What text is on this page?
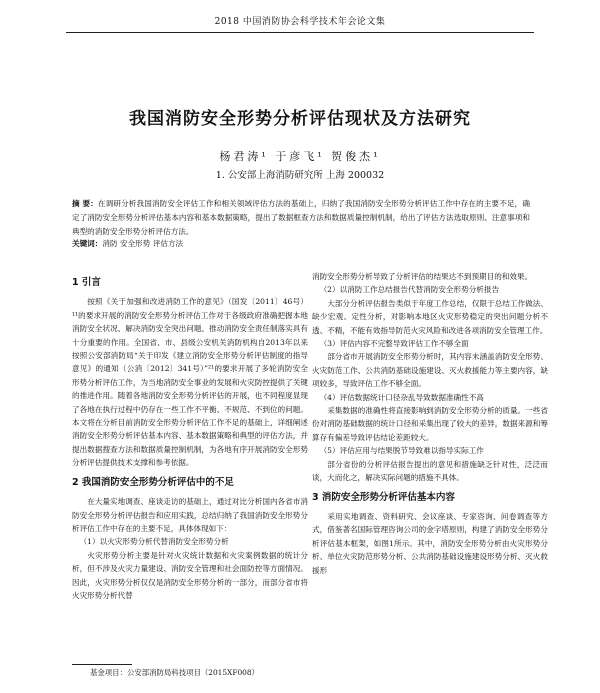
2018 中国消防协会科学技术年会论文集
我国消防安全形势分析评估现状及方法研究
杨君涛¹ 于彦飞¹ 贺俊杰¹
1. 公安部上海消防研究所 上海 200032
摘 要：在调研分析我国消防安全评估工作和相关领域评估方法的基础上，归纳了我国消防安全形势分析评估工作中存在的主要不足，确定了消防安全形势分析评估基本内容和基本数据策略，提出了数据框查方法和数据质量控制机制，给出了评估方法选取原则、注意事项和典型的消防安全形势分析评估方法。
关键词：消防 安全形势 评估方法
1 引言

按照《关于加强和改进消防工作的意见》（国发〔2011〕46号）¹¹的要求开展的消防安全形势分析评估工作对于各级政府准确把握本地消防安全状况、解决消防安全突出问题、推动消防安全责任制落实具有十分重要的作用。全国省、市、县级公安机关消防机构自2013年以来按照公安部消防局“关于印发《建立消防安全形势分析评估制度的指导意见》的通知（公消〔2012〕341号）”²¹的要求开展了多轮消防安全形势分析评估工作，为当地消防安全事业的发展和火灾防控提供了关键的推进作用。随着各地消防安全形势分析评估的开展，也不同程度显现了各地在执行过程中仍存在一些工作不平衡、不规范、不到位的问题。本文将在分析目前消防安全形势分析评估工作不足的基础上，详细阐述消防安全形势分析评估基本内容、基本数据策略和典型的评估方法，并提出数据搜查方法和数据质量控制机制，为各地有序开展消防安全形势分析评估提供技术支撑和参考依据。

2 我国消防安全形势分析评估中的不足

在大量实地调查、座谈走访的基础上，通过对比分析国内各省市消防安全形势分析评估报告和应用实践，总结归纳了我国消防安全形势分析评估工作中存在的主要不足，具体体现如下：

（1）以火灾形势分析代替消防安全形势分析

火灾形势分析主要是针对火灾统计数据和火灾案例数据的统计分析，但不涉及火灾力量建设、消防安全管理和社会面防控等方面情况。因此，火灾形势分析仅仅是消防安全形势分析的一部分，而部分省市将火灾形势分析代替

消防安全形势分析导致了分析评估的结果达不到预期目的和效果。

（2）以消防工作总结报告代替消防安全形势分析报告

大部分分析评估报告类似于年度工作总结，仅限于总结工作做法、缺少宏观、定性分析，对影响本地区火灾形势稳定的突出问题分析不透、不精，不能有效指导防范火灾风险和改进各项消防安全管理工作。

（3）评估内容不完整导致评估工作不够全面

部分省市开展消防安全形势分析时，其内容未涵盖消防安全形势、火灾防范工作、公共消防基础设施建设、灭火救援能力等主要内容，缺项较多，导致评估工作不够全面。

（4）评估数据统计口径杂乱导致数据准确性不高

采集数据的准确性将直接影响到消防安全形势分析的质量。一些省份对消防基础数据的统计口径和采集出现了较大的差异，数据来源和筹算存有偏差导致评估结论差距较大。

（5）评估应用与结果脱节导致难以指导实际工作

部分省份的分析评估报告提出的意见和措施缺乏针对性，泛泛而谈，大而化之，解决实际问题的措施不具体。

3 消防安全形势分析评估基本内容

采用实地调查、资料研究、会议座谈、专家咨询、问卷调查等方式，借鉴著名国际管理咨询公司的金字塔原则，构建了消防安全形势分析评估基本框架，如图1所示。其中，消防安全形势分析由火灾形势分析、单位火灾防范形势分析、公共消防基础设施建设形势分析、灭火救援形

基金项目：公安部消防局科技项目（2015XF008）
